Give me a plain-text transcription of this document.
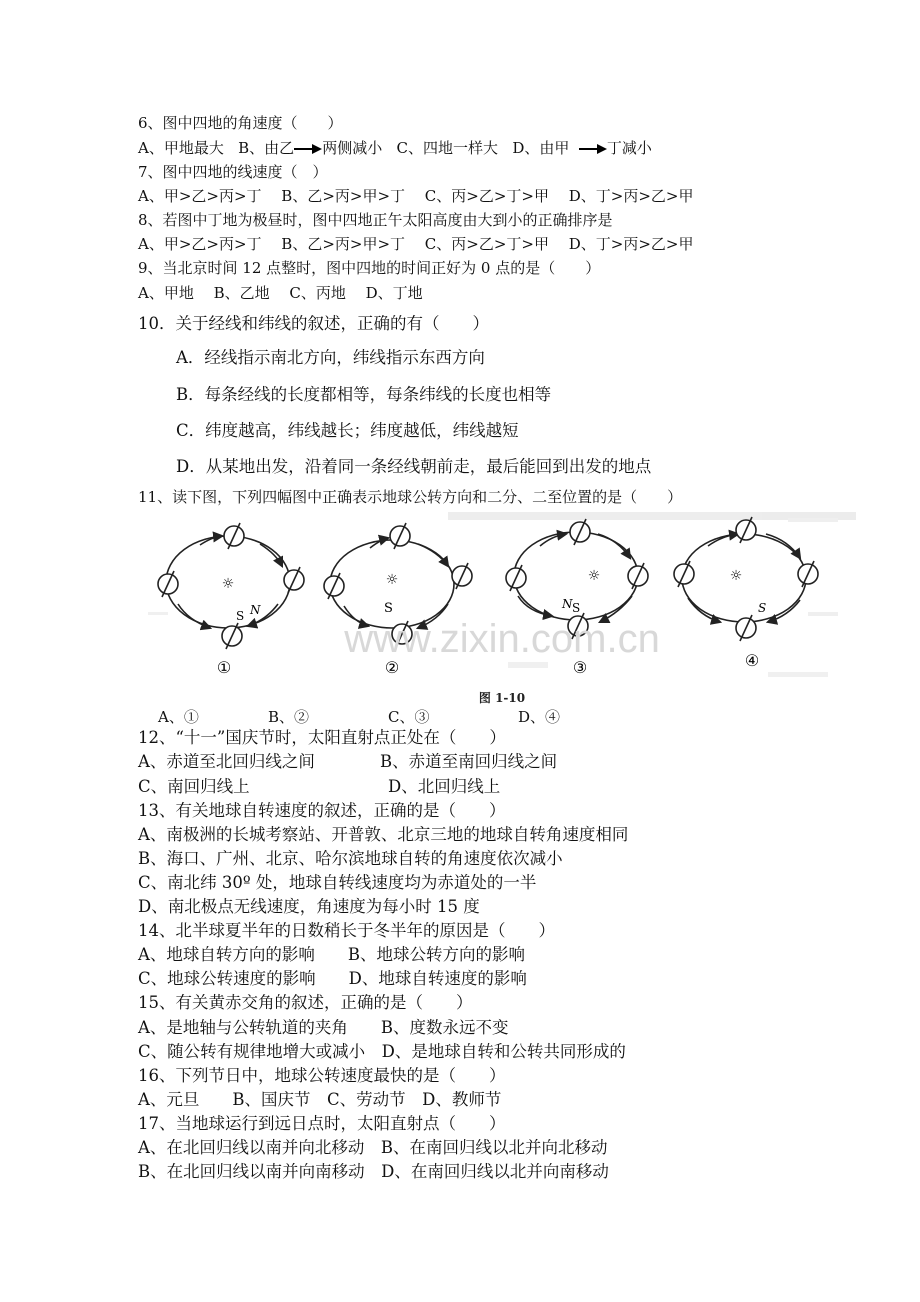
6、图中四地的角速度（　　）
A、甲地最大 B、由乙 两侧减小 C、四地一样大 D、由甲	丁减小
7、图中四地的线速度（　）
A、甲>乙>丙>丁　 B、乙>丙>甲>丁　 C、丙>乙>丁>甲　 D、丁>丙>乙>甲
8、若图中丁地为极昼时，图中四地正午太阳高度由大到小的正确排序是
A、甲>乙>丙>丁　 B、乙>丙>甲>丁　 C、丙>乙>丁>甲　 D、丁>丙>乙>甲
9、当北京时间 12 点整时，图中四地的时间正好为 0 点的是（　　）
A、甲地　 B、乙地　 C、丙地　 D、丁地
10．关于经线和纬线的叙述，正确的有（　　）
A．经线指示南北方向，纬线指示东西方向
B．每条经线的长度都相等，每条纬线的长度也相等
C．纬度越高，纬线越长；纬度越低，纬线越短
D．从某地出发，沿着同一条经线朝前走，最后能回到出发的地点
11、读下图，下列四幅图中正确表示地球公转方向和二分、二至位置的是（　　）
☼
N
S
①
☼
S
②
☼
N S
③
☼
S
④
www.zixin.com.cn
图 1-10
A、①	B、②	C、③	D、④
12、“十一”国庆节时，太阳直射点正处在（　　）
A、赤道至北回归线之间	B、赤道至南回归线之间
C、南回归线上	D、北回归线上
13、有关地球自转速度的叙述，正确的是（　　）
A、南极洲的长城考察站、开普敦、北京三地的地球自转角速度相同
B、海口、广州、北京、哈尔滨地球自转的角速度依次减小
C、南北纬 30º 处，地球自转线速度均为赤道处的一半
D、南北极点无线速度，角速度为每小时 15 度
14、北半球夏半年的日数稍长于冬半年的原因是（　　）
A、地球自转方向的影响　　B、地球公转方向的影响
C、地球公转速度的影响　　D、地球自转速度的影响
15、有关黄赤交角的叙述，正确的是（　　）
A、是地轴与公转轨道的夹角　　B、度数永远不变
C、随公转有规律地增大或减小　D、是地球自转和公转共同形成的
16、下列节日中，地球公转速度最快的是（　　）
A、元旦　　B、国庆节　C、劳动节　D、教师节
17、当地球运行到远日点时，太阳直射点（　　）
A、在北回归线以南并向北移动　B、在南回归线以北并向北移动
B、在北回归线以南并向南移动　D、在南回归线以北并向南移动
